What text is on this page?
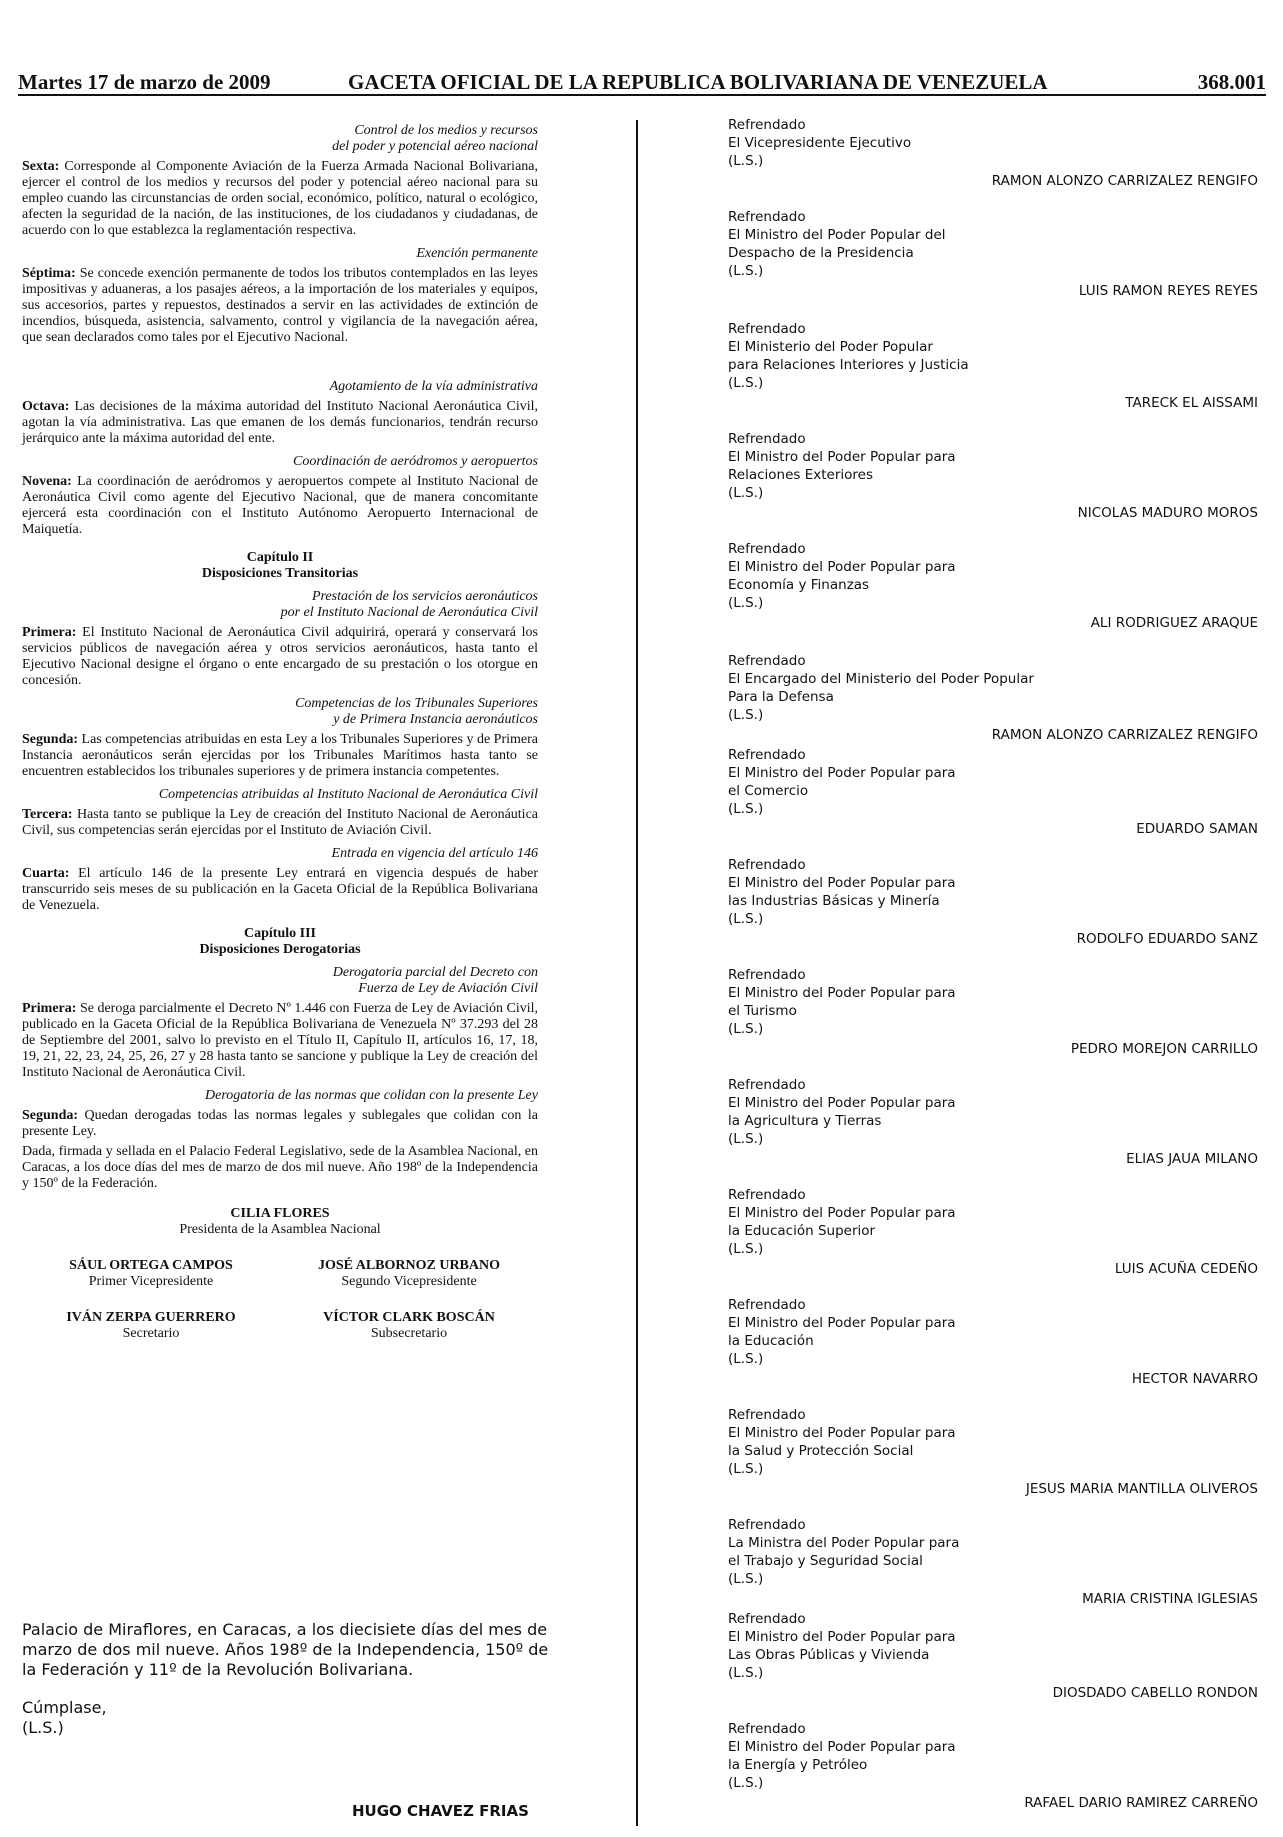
Martes 17 de marzo de 2009	GACETA OFICIAL DE LA REPUBLICA BOLIVARIANA DE VENEZUELA	368.001
Control de los medios y recursos
del poder y potencial aéreo nacional

Sexta: Corresponde al Componente Aviación de la Fuerza Armada Nacional Bolivariana, ejercer el control de los medios y recursos del poder y potencial aéreo nacional para su empleo cuando las circunstancias de orden social, económico, político, natural o ecológico, afecten la seguridad de la nación, de las instituciones, de los ciudadanos y ciudadanas, de acuerdo con lo que establezca la reglamentación respectiva.

Exención permanente

Séptima: Se concede exención permanente de todos los tributos contemplados en las leyes impositivas y aduaneras, a los pasajes aéreos, a la importación de los materiales y equipos, sus accesorios, partes y repuestos, destinados a servir en las actividades de extinción de incendios, búsqueda, asistencia, salvamento, control y vigilancia de la navegación aérea, que sean declarados como tales por el Ejecutivo Nacional.

Agotamiento de la vía administrativa

Octava: Las decisiones de la máxima autoridad del Instituto Nacional Aeronáutica Civil, agotan la vía administrativa. Las que emanen de los demás funcionarios, tendrán recurso jerárquico ante la máxima autoridad del ente.

Coordinación de aeródromos y aeropuertos

Novena: La coordinación de aeródromos y aeropuertos compete al Instituto Nacional de Aeronáutica Civil como agente del Ejecutivo Nacional, que de manera concomitante ejercerá esta coordinación con el Instituto Autónomo Aeropuerto Internacional de Maiquetía.

Capítulo II
Disposiciones Transitorias
Prestación de los servicios aeronáuticos
por el Instituto Nacional de Aeronáutica Civil

Primera: El Instituto Nacional de Aeronáutica Civil adquirirá, operará y conservará los servicios públicos de navegación aérea y otros servicios aeronáuticos, hasta tanto el Ejecutivo Nacional designe el órgano o ente encargado de su prestación o los otorgue en concesión.

Competencias de los Tribunales Superiores
y de Primera Instancia aeronáuticos

Segunda: Las competencias atribuidas en esta Ley a los Tribunales Superiores y de Primera Instancia aeronáuticos serán ejercidas por los Tribunales Marítimos hasta tanto se encuentren establecidos los tribunales superiores y de primera instancia competentes.

Competencias atribuidas al Instituto Nacional de Aeronáutica Civil

Tercera: Hasta tanto se publique la Ley de creación del Instituto Nacional de Aeronáutica Civil, sus competencias serán ejercidas por el Instituto de Aviación Civil.

Entrada en vigencia del artículo 146

Cuarta: El artículo 146 de la presente Ley entrará en vigencia después de haber transcurrido seis meses de su publicación en la Gaceta Oficial de la República Bolivariana de Venezuela.

Capítulo III
Disposiciones Derogatorias
Derogatoria parcial del Decreto con
Fuerza de Ley de Aviación Civil

Primera: Se deroga parcialmente el Decreto Nº 1.446 con Fuerza de Ley de Aviación Civil, publicado en la Gaceta Oficial de la República Bolivariana de Venezuela Nº 37.293 del 28 de Septiembre del 2001, salvo lo previsto en el Título II, Capítulo II, artículos 16, 17, 18, 19, 21, 22, 23, 24, 25, 26, 27 y 28 hasta tanto se sancione y publique la Ley de creación del Instituto Nacional de Aeronáutica Civil.

Derogatoria de las normas que colidan con la presente Ley

Segunda: Quedan derogadas todas las normas legales y sublegales que colidan con la presente Ley.

Dada, firmada y sellada en el Palacio Federal Legislativo, sede de la Asamblea Nacional, en Caracas, a los doce días del mes de marzo de dos mil nueve. Año 198º de la Independencia y 150º de la Federación.

CILIA FLORES
Presidenta de la Asamblea Nacional
SÁUL ORTEGA CAMPOS
Primer Vicepresidente
JOSÉ ALBORNOZ URBANO
Segundo Vicepresidente
IVÁN ZERPA GUERRERO
Secretario
VÍCTOR CLARK BOSCÁN
Subsecretario
Palacio de Miraflores, en Caracas, a los diecisiete días del mes de marzo de dos mil nueve. Años 198º de la Independencia, 150º de la Federación y 11º de la Revolución Bolivariana.
Cúmplase,
(L.S.)
HUGO CHAVEZ FRIAS
Refrendado
El Vicepresidente Ejecutivo
(L.S.)
RAMON ALONZO CARRIZALEZ RENGIFO
Refrendado
El Ministro del Poder Popular del
Despacho de la Presidencia
(L.S.)
LUIS RAMON REYES REYES
Refrendado
El Ministerio del Poder Popular
para Relaciones Interiores y Justicia
(L.S.)
TARECK EL AISSAMI
Refrendado
El Ministro del Poder Popular para
Relaciones Exteriores
(L.S.)
NICOLAS MADURO MOROS
Refrendado
El Ministro del Poder Popular para
Economía y Finanzas
(L.S.)
ALI RODRIGUEZ ARAQUE
Refrendado
El Encargado del Ministerio del Poder Popular
Para la Defensa
(L.S.)
RAMON ALONZO CARRIZALEZ RENGIFO
Refrendado
El Ministro del Poder Popular para
el Comercio
(L.S.)
EDUARDO SAMAN
Refrendado
El Ministro del Poder Popular para
las Industrias Básicas y Minería
(L.S.)
RODOLFO EDUARDO SANZ
Refrendado
El Ministro del Poder Popular para
el Turismo
(L.S.)
PEDRO MOREJON CARRILLO
Refrendado
El Ministro del Poder Popular para
la Agricultura y Tierras
(L.S.)
ELIAS JAUA MILANO
Refrendado
El Ministro del Poder Popular para
la Educación Superior
(L.S.)
LUIS ACUÑA CEDEÑO
Refrendado
El Ministro del Poder Popular para
la Educación
(L.S.)
HECTOR NAVARRO
Refrendado
El Ministro del Poder Popular para
la Salud y Protección Social
(L.S.)
JESUS MARIA MANTILLA OLIVEROS
Refrendado
La Ministra del Poder Popular para
el Trabajo y Seguridad Social
(L.S.)
MARIA CRISTINA IGLESIAS
Refrendado
El Ministro del Poder Popular para
Las Obras Públicas y Vivienda
(L.S.)
DIOSDADO CABELLO RONDON
Refrendado
El Ministro del Poder Popular para
la Energía y Petróleo
(L.S.)
RAFAEL DARIO RAMIREZ CARREÑO
